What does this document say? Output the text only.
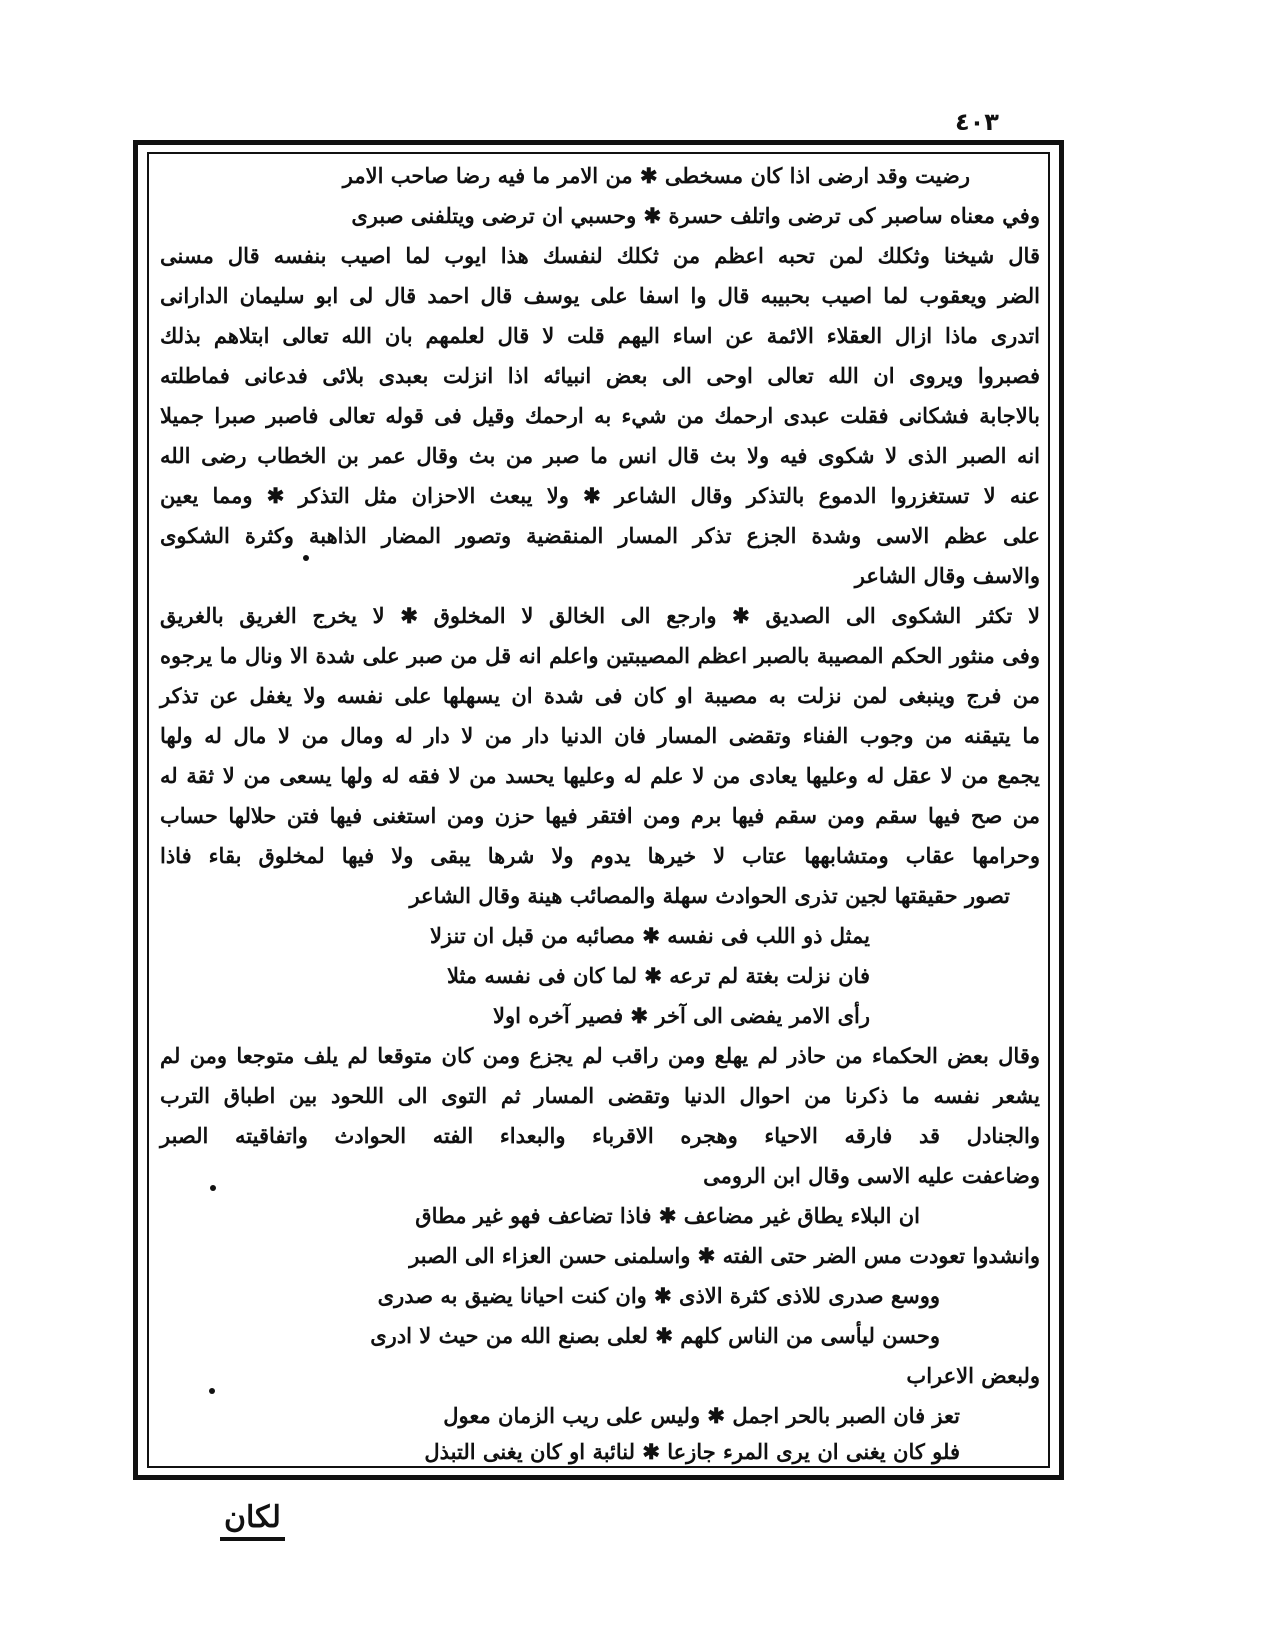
٤٠٣
رضيت وقد ارضى اذا كان مسخطى ✱ من الامر ما فيه رضا صاحب الامر
وفي معناه ساصبر كى ترضى واتلف حسرة ✱ وحسبي ان ترضى ويتلفنى صبرى
قال شيخنا وثكلك لمن تحبه اعظم من ثكلك لنفسك هذا ايوب لما اصيب بنفسه قال مسنى
الضر ويعقوب لما اصيب بحبيبه قال وا اسفا على يوسف قال احمد قال لى ابو سليمان الدارانى
اتدرى ماذا ازال العقلاء الائمة عن اساء اليهم قلت لا قال لعلمهم بان الله تعالى ابتلاهم بذلك
فصبروا ويروى ان الله تعالى اوحى الى بعض انبيائه اذا انزلت بعبدى بلائى فدعانى فماطلته
بالاجابة فشكانى فقلت عبدى ارحمك من شيء به ارحمك وقيل فى قوله تعالى فاصبر صبرا جميلا
انه الصبر الذى لا شكوى فيه ولا بث قال انس ما صبر من بث وقال عمر بن الخطاب رضى الله
عنه لا تستغزروا الدموع بالتذكر وقال الشاعر ✱ ولا يبعث الاحزان مثل التذكر ✱ ومما يعين
على عظم الاسى وشدة الجزع تذكر المسار المنقضية وتصور المضار الذاهبة وكثرة الشكوى
والاسف وقال الشاعر
لا تكثر الشكوى الى الصديق ✱ وارجع الى الخالق لا المخلوق ✱ لا يخرج الغريق بالغريق
وفى منثور الحكم المصيبة بالصبر اعظم المصيبتين واعلم انه قل من صبر على شدة الا ونال ما يرجوه
من فرج وينبغى لمن نزلت به مصيبة او كان فى شدة ان يسهلها على نفسه ولا يغفل عن تذكر
ما يتيقنه من وجوب الفناء وتقضى المسار فان الدنيا دار من لا دار له ومال من لا مال له ولها
يجمع من لا عقل له وعليها يعادى من لا علم له وعليها يحسد من لا فقه له ولها يسعى من لا ثقة له
من صح فيها سقم ومن سقم فيها برم ومن افتقر فيها حزن ومن استغنى فيها فتن حلالها حساب
وحرامها عقاب ومتشابهها عتاب لا خيرها يدوم ولا شرها يبقى ولا فيها لمخلوق بقاء فاذا
تصور حقيقتها لجين تذرى الحوادث سهلة والمصائب هينة وقال الشاعر
يمثل ذو اللب فى نفسه ✱ مصائبه من قبل ان تنزلا
فان نزلت بغتة لم ترعه ✱ لما كان فى نفسه مثلا
رأى الامر يفضى الى آخر ✱ فصير آخره اولا
وقال بعض الحكماء من حاذر لم يهلع ومن راقب لم يجزع ومن كان متوقعا لم يلف متوجعا ومن لم
يشعر نفسه ما ذكرنا من احوال الدنيا وتقضى المسار ثم التوى الى اللحود بين اطباق الترب
والجنادل قد فارقه الاحياء وهجره الاقرباء والبعداء الفته الحوادث واتفاقيته الصبر
وضاعفت عليه الاسى وقال ابن الرومى
ان البلاء يطاق غير مضاعف ✱ فاذا تضاعف فهو غير مطاق
وانشدوا تعودت مس الضر حتى الفته ✱ واسلمنى حسن العزاء الى الصبر
ووسع صدرى للاذى كثرة الاذى ✱ وان كنت احيانا يضيق به صدرى
وحسن ليأسى من الناس كلهم ✱ لعلى بصنع الله من حيث لا ادرى
ولبعض الاعراب
تعز فان الصبر بالحر اجمل ✱ وليس على ريب الزمان معول
فلو كان يغنى ان يرى المرء جازعا ✱ لنائبة او كان يغنى التبذل
لكان
